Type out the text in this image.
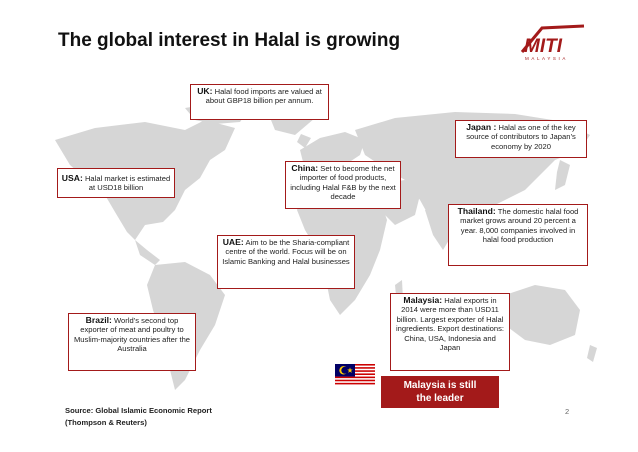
The global interest in Halal is growing	MITI
MALAYSIA
UK: Halal food imports are valued at about GBP18 billion per annum.
Japan : Halal as one of the key source of contributors to Japan’s economy by 2020
USA: Halal market is estimated at USD18 billion
China: Set to become the net importer of food products, including Halal F&B by the next decade
Thailand: The domestic halal food market grows around 20 percent a year. 8,000 companies involved in halal food production
UAE: Aim to be the Sharia-compliant centre of the world. Focus will be on Islamic Banking and Halal businesses
Malaysia: Halal exports in 2014 were more than USD11 billion. Largest exporter of Halal ingredients. Export destinations: China, USA, Indonesia and Japan
Brazil: World’s second top exporter of meat and poultry to Muslim-majority countries after the Australia
Malaysia is still
the leader
Source: Global Islamic Economic Report
(Thompson & Reuters)
2
